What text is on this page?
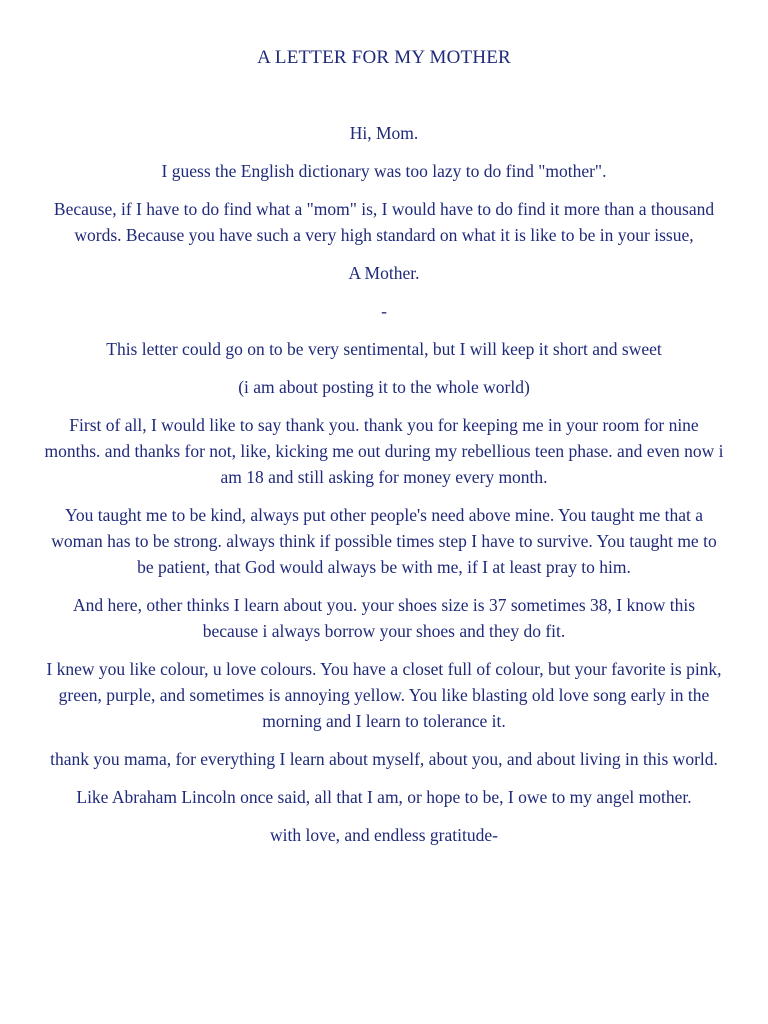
A LETTER FOR MY MOTHER

Hi, Mom.

I guess the English dictionary was too lazy to do find "mother".

Because, if I have to do find what a "mom" is, I would have to do find it more than a thousand words. Because you have such a very high standard on what it is like to be in your issue,

A Mother.

-

This letter could go on to be very sentimental, but I will keep it short and sweet

(i am about posting it to the whole world)

First of all, I would like to say thank you. thank you for keeping me in your room for nine months. and thanks for not, like, kicking me out during my rebellious teen phase. and even now i am 18 and still asking for money every month.

You taught me to be kind, always put other people's need above mine. You taught me that a woman has to be strong. always think if possible times step I have to survive. You taught me to be patient, that God would always be with me, if I at least pray to him.

And here, other thinks I learn about you. your shoes size is 37 sometimes 38, I know this because i always borrow your shoes and they do fit.

I knew you like colour, u love colours. You have a closet full of colour, but your favorite is pink, green, purple, and sometimes is annoying yellow. You like blasting old love song early in the morning and I learn to tolerance it.

thank you mama, for everything I learn about myself, about you, and about living in this world.

Like Abraham Lincoln once said, all that I am, or hope to be, I owe to my angel mother.

with love, and endless gratitude-
